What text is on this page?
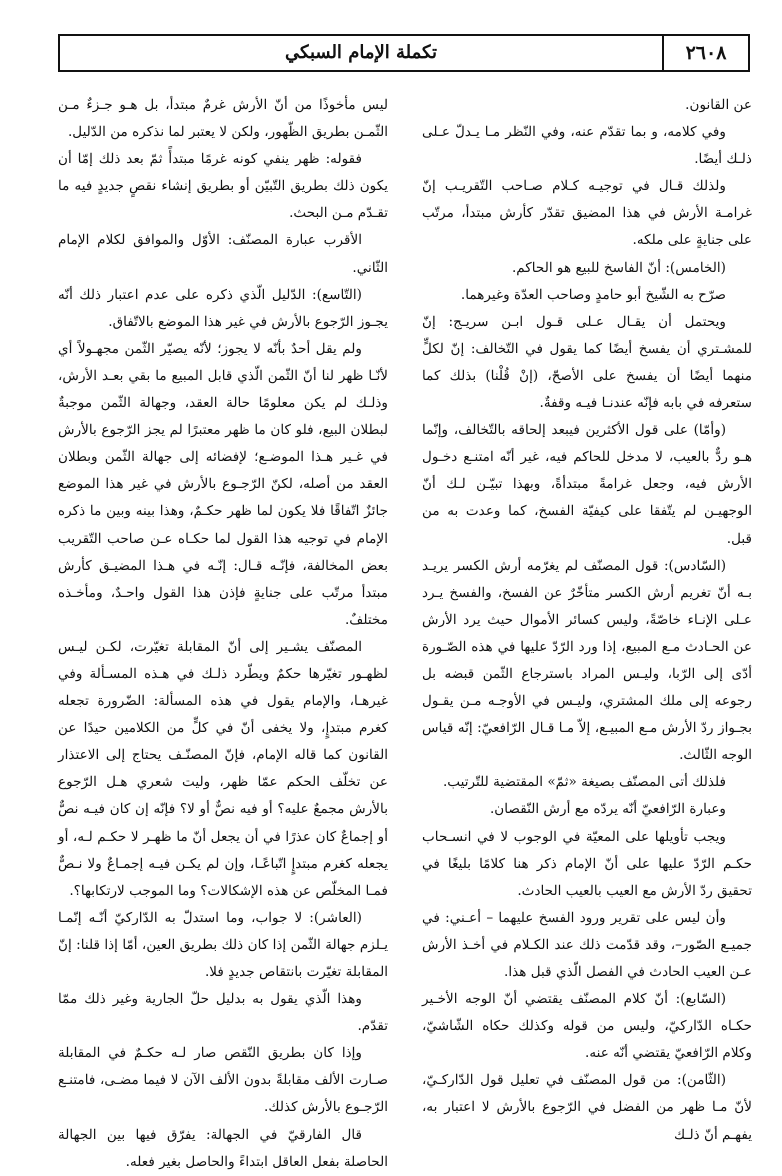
٢٦٠٨
تكملة الإمام السبكي

عن القانون.

وفي كلامه، و بما تقدّم عنه، وفي النّظر مـا يـدلّ عـلى ذلـك أيضًا.

ولذلك قـال في توجيـه كـلام صـاحب التّقريـب إنّ غرامـة الأرش في هذا المضيق تقدّر كأرش مبتدأ، مرتّب على جنايةٍ على ملكه.

(الخامس): أنّ الفاسخ للبيع هو الحاكم.

صرّح به الشّيخ أبو حامدٍ وصاحب العدّة وغيرهما.

ويحتمل أن يقـال عـلى قـول ابـن سريـج: إنّ للمشـتري أن يفسخ أيضًا كما يقول في التّخالف: إنّ لكلٍّ منهما أيضًا أن يفسخ على الأصحّ، (إنْ قُلْنا) بذلك كما ستعرفه في بابه فإنّه عندنـا فيـه وقفةٌ.

(وأمّا) على قول الأكثرين فيبعد إلحاقه بالتّخالف، وإنّما هـو ردٌّ بالعيب، لا مدخل للحاكم فيه، غير أنّه امتنـع دخـول الأرش فيه، وجعل غرامةً مبتدأةً، وبهذا تبيّـن لـك أنّ الوجهيـن لم يتّفقا على كيفيّة الفسخ، كما وعدت به من قبل.

(السّادس): قول المصنّف لم يغرّمه أرش الكسر يريـد بـه أنّ تغريم أرش الكسر متأخّرٌ عن الفسخ، والفسخ يـرد عـلى الإنـاء خاصّةً، وليس كسائر الأموال حيث يرد الأرش عن الحـادث مـع المبيع، إذا ورد الرّدّ عليها في هذه الصّـورة أدّى إلى الرّبا، وليـس المراد باسترجاع الثّمن قبضه بل رجوعه إلى ملك المشتري، وليـس في الأوجـه مـن يقـول بجـواز ردّ الأرش مـع المبيـع، إلاّ مـا قـال الرّافعيّ: إنّه قياس الوجه الثّالث.

فلذلك أتى المصنّف بصيغة «ثمّ» المقتضية للتّرتيب.

وعبارة الرّافعيّ أنّه يردّه مع أرش النّقصان.

ويجب تأويلها على المعيّة في الوجوب لا في انسـحاب حكـم الرّدّ عليها على أنّ الإمام ذكر هنا كلامًا بليغًا في تحقيق ردّ الأرش مع العيب بالعيب الحادث.

وأن ليس على تقرير ورود الفسخ عليهما – أعـني: في جميـع الصّور–، وقد قدّمت ذلك عند الكـلام في أخـذ الأرش عـن العيب الحادث في الفصل الّذي قبل هذا.

(السّابع): أنّ كلام المصنّف يقتضي أنّ الوجه الأخـير حكـاه الدّاركيّ، وليس من قوله وكذلك حكاه الشّاشيّ، وكلام الرّافعيّ يقتضي أنّه عنه.

(الثّامن): من قول المصنّف في تعليل قول الدّاركـيّ، لأنّ مـا ظهر من الفضل في الرّجوع بالأرش لا اعتبار به، يفهـم أنّ ذلـك

ليس مأخوذًا من أنّ الأرش غرمٌ مبتدأ، بل هـو جـزءٌ مـن الثّمـن بطريق الظّهور، ولكن لا يعتبر لما نذكره من الدّليل.

فقوله: ظهر ينفي كونه غرمًا مبتدأً ثمّ بعد ذلك إمّا أن يكون ذلك بطريق التّبيّن أو بطريق إنشاء نقصٍ جديدٍ فيه ما تقـدّم مـن البحث.

الأقرب عبارة المصنّف: الأوّل والموافق لكلام الإمام الثّاني.

(التّاسع): الدّليل الّذي ذكره على عدم اعتبار ذلك أنّه يجـوز الرّجوع بالأرش في غير هذا الموضع بالاتّفاق.

ولم يقل أحدٌ بأنّه لا يجوز؛ لأنّه يصيّر الثّمن مجهـولاً أي لأنّـا ظهر لنا أنّ الثّمن الّذي قابل المبيع ما بقي بعـد الأرش، وذلـك لم يكن معلومًا حالة العقد، وجهالة الثّمن موجبةٌ لبطلان البيع، فلو كان ما ظهر معتبرًا لم يجز الرّجوع بالأرش في غـير هـذا الموضـع؛ لإفضائه إلى جهالة الثّمن وبطلان العقد من أصله، لكنّ الرّجـوع بالأرش في غير هذا الموضع جائزٌ اتّفاقًا فلا يكون لما ظهر حكـمٌ، وهذا بينه وبين ما ذكره الإمام في توجيه هذا القول لما حكـاه عـن صاحب التّقريب بعض المخالفة، فإنّـه قـال: إنّـه في هـذا المضيـق كأرش مبتدأ مرتّب على جنايةٍ فإذن هذا القول واحـدٌ، ومأخـذه مختلفٌ.

المصنّف يشـير إلى أنّ المقابلة تغيّرت، لكـن ليـس لظهـور تغيّرها حكمٌ ويطّرد ذلـك في هـذه المسـألة وفي غيرهـا، والإمام يقول في هذه المسألة: الضّرورة تجعله كغرم مبتدإٍ، ولا يخفى أنّ في كلٍّ من الكلامين حيدًا عن القانون كما قاله الإمام، فإنّ المصنّـف يحتاج إلى الاعتذار عن تخلّف الحكم عمّا ظهر، وليت شعري هـل الرّجوع بالأرش مجمعٌ عليه؟ أو فيه نصٌّ أو لا؟ فإنّه إن كان فيـه نصٌّ أو إجماعٌ كان عذرًا في أن يجعل أنّ ما ظهـر لا حكـم لـه، أو يجعله كغرم مبتدإٍ اتّباعًـا، وإن لم يكـن فيـه إجمـاعٌ ولا نـصٌّ فمـا المخلّص عن هذه الإشكالات؟ وما الموجب لارتكابها؟.

(العاشر): لا جواب، وما استدلّ به الدّاركيّ أنّـه إنّمـا يـلزم جهالة الثّمن إذا كان ذلك بطريق العين، أمّا إذا قلنا: إنّ المقابلة تغيّرت بانتقاص جديدٍ فلا.

وهذا الّذي يقول به بدليل حلّ الجارية وغير ذلك ممّا تقدّم.

وإذا كان بطريق النّقص صار لـه حكـمٌ في المقابلة صـارت الألف مقابلةً بدون الألف الآن لا فيما مضـى، فامتنـع الرّجـوع بالأرش كذلك.

قال الفارقيّ في الجهالة: يفرّق فيها بين الجهالة الحاصلة بفعل العاقل ابتداءً والحاصل بغير فعله.
